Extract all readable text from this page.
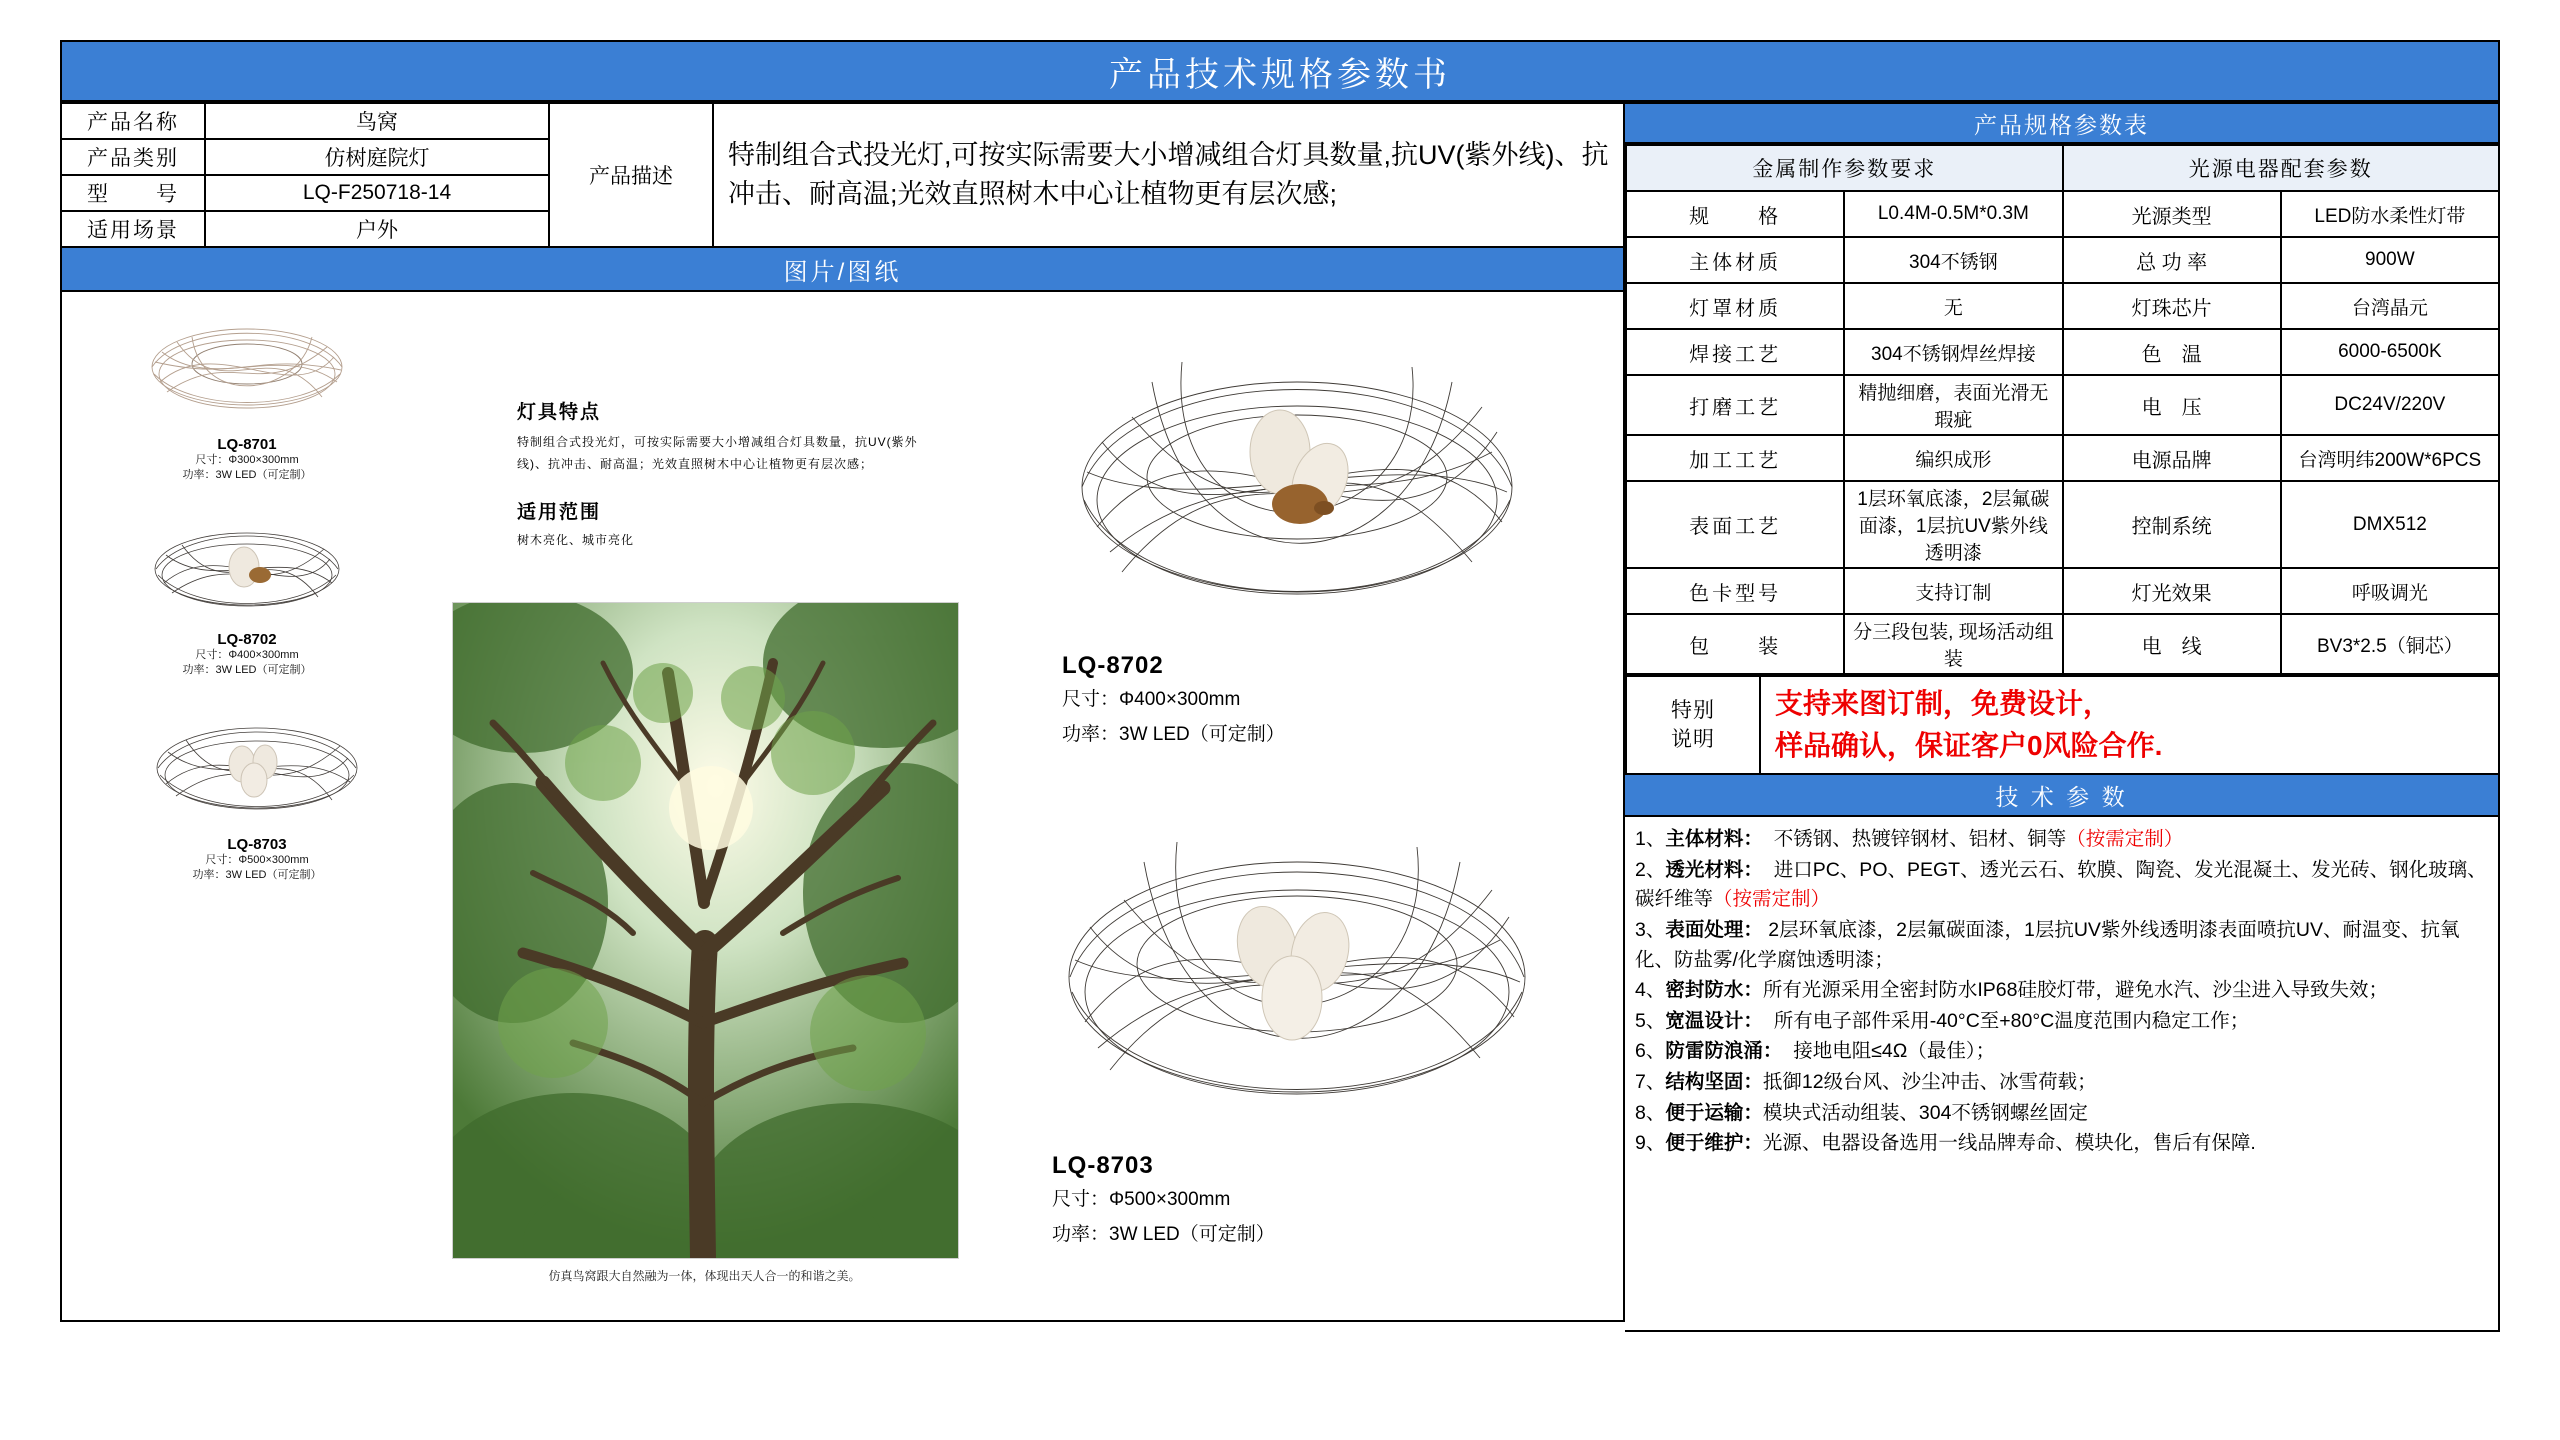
产品技术规格参数书
产品名称	鸟窝	产品描述	特制组合式投光灯,可按实际需要大小增减组合灯具数量,抗UV(紫外线)、抗冲击、耐高温;光效直照树木中心让植物更有层次感;
产品类别	仿树庭院灯		
型　　号	LQ-F250718-14		
适用场景	户外		
图片/图纸
LQ-8701
尺寸：Φ300×300mm
功率：3W LED（可定制）
LQ-8702
尺寸：Φ400×300mm
功率：3W LED（可定制）
LQ-8703
尺寸：Φ500×300mm
功率：3W LED（可定制）
灯具特点
特制组合式投光灯，可按实际需要大小增减组合灯具数量，抗UV(紫外线)、抗冲击、耐高温；光效直照树木中心让植物更有层次感；
适用范围
树木亮化、城市亮化
仿真鸟窝跟大自然融为一体，体现出天人合一的和谐之美。
LQ-8702
尺寸：Φ400×300mm
功率：3W LED（可定制）
LQ-8703
尺寸：Φ500×300mm
功率：3W LED（可定制）
产品规格参数表
金属制作参数要求		光源电器配套参数	
规　　格	L0.4M-0.5M*0.3M	光源类型	LED防水柔性灯带
主体材质	304不锈钢	总 功 率	900W
灯罩材质	无	灯珠芯片	台湾晶元
焊接工艺	304不锈钢焊丝焊接	色　温	6000-6500K
打磨工艺	精抛细磨，表面光滑无瑕疵	电　压	DC24V/220V
加工工艺	编织成形	电源品牌	台湾明纬200W*6PCS
表面工艺	1层环氧底漆，2层氟碳面漆，1层抗UV紫外线透明漆	控制系统	DMX512
色卡型号	支持订制	灯光效果	呼吸调光
包　　装	分三段包装, 现场活动组装	电　线	BV3*2.5（铜芯）
特别
说明

支持来图订制，免费设计，
样品确认，保证客户0风险合作.
技 术 参 数

1、主体材料： 不锈钢、热镀锌钢材、铝材、铜等（按需定制）

2、透光材料： 进口PC、PO、PEGT、透光云石、软膜、陶瓷、发光混凝土、发光砖、钢化玻璃、碳纤维等（按需定制）

3、表面处理： 2层环氧底漆，2层氟碳面漆，1层抗UV紫外线透明漆表面喷抗UV、耐温变、抗氧化、防盐雾/化学腐蚀透明漆；

4、密封防水：所有光源采用全密封防水IP68硅胶灯带，避免水汽、沙尘进入导致失效；

5、宽温设计： 所有电子部件采用-40°C至+80°C温度范围内稳定工作；

6、防雷防浪涌： 接地电阻≤4Ω（最佳）；

7、结构坚固：抵御12级台风、沙尘冲击、冰雪荷载；

8、便于运输：模块式活动组装、304不锈钢螺丝固定

9、便于维护：光源、电器设备选用一线品牌寿命、模块化，售后有保障.
